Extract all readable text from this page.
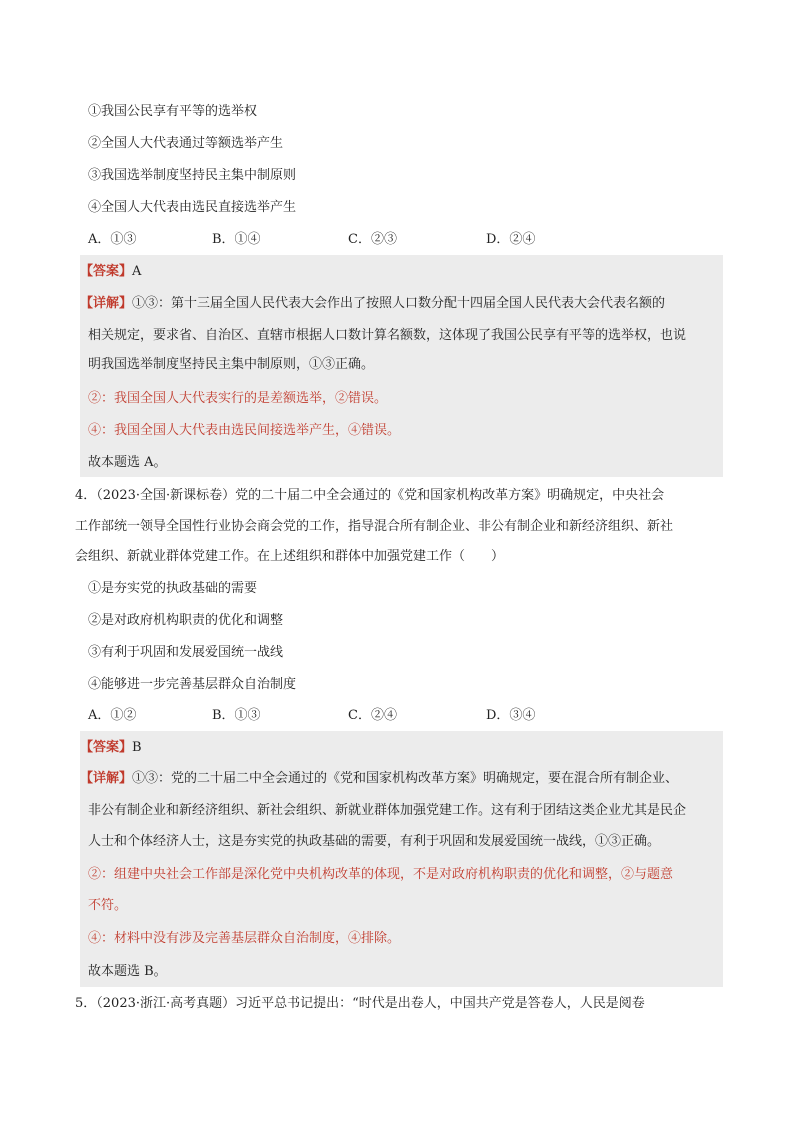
①我国公民享有平等的选举权
②全国人大代表通过等额选举产生
③我国选举制度坚持民主集中制原则
④全国人大代表由选民直接选举产生
A．①③	B．①④	C．②③	D．②④
【答案】A
【详解】①③：第十三届全国人民代表大会作出了按照人口数分配十四届全国人民代表大会代表名额的
相关规定，要求省、自治区、直辖市根据人口数计算名额数，这体现了我国公民享有平等的选举权，也说
明我国选举制度坚持民主集中制原则，①③正确。
②：我国全国人大代表实行的是差额选举，②错误。
④：我国全国人大代表由选民间接选举产生，④错误。
故本题选 A。
4．（2023·全国·新课标卷）党的二十届二中全会通过的《党和国家机构改革方案》明确规定，中央社会
工作部统一领导全国性行业协会商会党的工作，指导混合所有制企业、非公有制企业和新经济组织、新社
会组织、新就业群体党建工作。在上述组织和群体中加强党建工作（　　）
①是夯实党的执政基础的需要
②是对政府机构职责的优化和调整
③有利于巩固和发展爱国统一战线
④能够进一步完善基层群众自治制度
A．①②	B．①③	C．②④	D．③④
【答案】B
【详解】①③：党的二十届二中全会通过的《党和国家机构改革方案》明确规定，要在混合所有制企业、
非公有制企业和新经济组织、新社会组织、新就业群体加强党建工作。这有利于团结这类企业尤其是民企
人士和个体经济人士，这是夯实党的执政基础的需要，有利于巩固和发展爱国统一战线，①③正确。
②：组建中央社会工作部是深化党中央机构改革的体现，不是对政府机构职责的优化和调整，②与题意
不符。
④：材料中没有涉及完善基层群众自治制度，④排除。
故本题选 B。
5．（2023·浙江·高考真题）习近平总书记提出：“时代是出卷人，中国共产党是答卷人，人民是阅卷
